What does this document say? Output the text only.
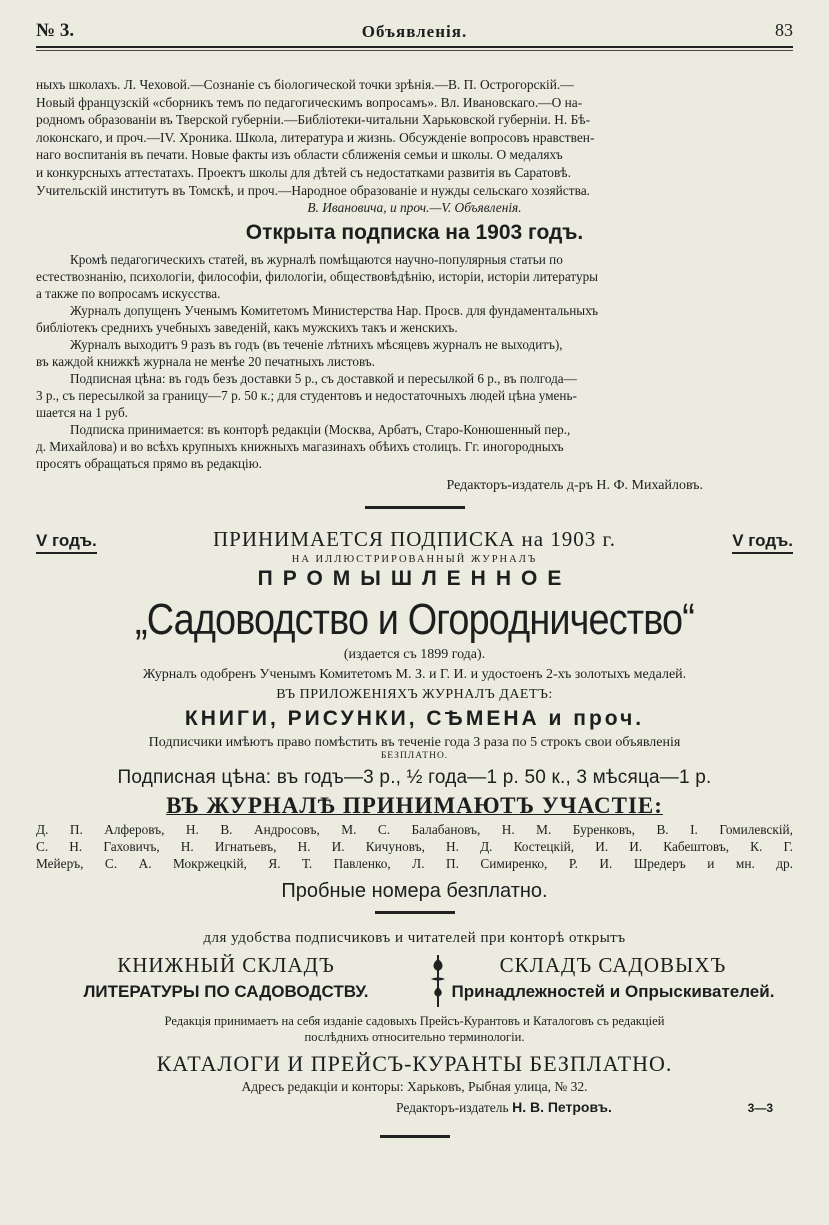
№ 3.	Объявленія.	83
ныхъ школахъ. Л. Чеховой.—Сознаніе съ біологической точки зрѣнія.—В. П. Острогорскій.—
Новый французскій «сборникъ темъ по педагогическимъ вопросамъ». Вл. Ивановскаго.—О на-
родномъ образованіи въ Тверской губерніи.—Библіотеки-читальни Харьковской губерніи. Н. Бѣ-
локонскаго, и проч.—IV. Хроника. Школа, литература и жизнь. Обсужденіе вопросовъ нравствен-
наго воспитанія въ печати. Новые факты изъ области сближенія семьи и школы. О медаляхъ
и конкурсныхъ аттестатахъ. Проектъ школы для дѣтей съ недостатками развитія въ Саратовѣ.
Учительскій институтъ въ Томскѣ, и проч.—Народное образованіе и нужды сельскаго хозяйства.
В. Ивановича, и проч.—V. Объявленія.
Открыта подписка на 1903 годъ.
Кромѣ педагогическихъ статей, въ журналѣ помѣщаются научно-популярныя статьи по
естествознанію, психологіи, философіи, филологіи, обществовѣдѣнію, исторіи, исторіи литературы
а также по вопросамъ искусства.
Журналъ допущенъ Ученымъ Комитетомъ Министерства Нар. Просв. для фундаментальныхъ
библіотекъ среднихъ учебныхъ заведеній, какъ мужскихъ такъ и женскихъ.
Журналъ выходитъ 9 разъ въ годъ (въ теченіе лѣтнихъ мѣсяцевъ журналъ не выходитъ),
въ каждой книжкѣ журнала не менѣе 20 печатныхъ листовъ.
Подписная цѣна: въ годъ безъ доставки 5 р., съ доставкой и пересылкой 6 р., въ полгода—
3 р., съ пересылкой за границу—7 р. 50 к.; для студентовъ и недостаточныхъ людей цѣна умень-
шается на 1 руб.
Подписка принимается: въ конторѣ редакціи (Москва, Арбатъ, Старо-Конюшенный пер.,
д. Михайлова) и во всѣхъ крупныхъ книжныхъ магазинахъ обѣихъ столицъ. Гг. иногородныхъ
просятъ обращаться прямо въ редакцію.
Редакторъ-издатель д-ръ Н. Ф. Михайловъ.
V годъ.	V годъ.
ПРИНИМАЕТСЯ ПОДПИСКА на 1903 г.
НА ИЛЛЮСТРИРОВАННЫЙ ЖУРНАЛЪ
ПРОМЫШЛЕННОЕ
„Садоводство и Огородничество“
(издается съ 1899 года).
Журналъ одобренъ Ученымъ Комитетомъ М. З. и Г. И. и удостоенъ 2-хъ золотыхъ медалей.
ВЪ ПРИЛОЖЕНІЯХЪ ЖУРНАЛЪ ДАЕТЪ:
КНИГИ, РИСУНКИ, СѢМЕНА и проч.
Подписчики имѣютъ право помѣстить въ теченіе года 3 раза по 5 строкъ свои объявленія
БЕЗПЛАТНО.
Подписная цѣна: въ годъ—3 р., ½ года—1 р. 50 к., 3 мѣсяца—1 р.
ВЪ ЖУРНАЛѢ ПРИНИМАЮТЪ УЧАСТІЕ:
Д. П. Алферовъ, Н. В. Андросовъ, М. С. Балабановъ, Н. М. Буренковъ, В. І. Гомилевскій,
С. Н. Гаховичъ, Н. Игнатьевъ, Н. И. Кичуновъ, Н. Д. Костецкій, И. И. Кабештовъ, К. Г.
Мейеръ, С. А. Мокржецкій, Я. Т. Павленко, Л. П. Симиренко, Р. И. Шредеръ и мн. др.
Пробные номера безплатно.
для удобства подписчиковъ и читателей при конторѣ открытъ
КНИЖНЫЙ СКЛАДЪ
ЛИТЕРАТУРЫ ПО САДОВОДСТВУ.
СКЛАДЪ САДОВЫХЪ
Принадлежностей и Опрыскивателей.
Редакція принимаетъ на себя изданіе садовыхъ Прейсъ-Курантовъ и Каталоговъ съ редакціей
послѣднихъ относительно терминологіи.
КАТАЛОГИ И ПРЕЙСЪ-КУРАНТЫ БЕЗПЛАТНО.
Адресъ редакціи и конторы: Харьковъ, Рыбная улица, № 32.
Редакторъ-издатель Н. В. Петровъ.	3—3
